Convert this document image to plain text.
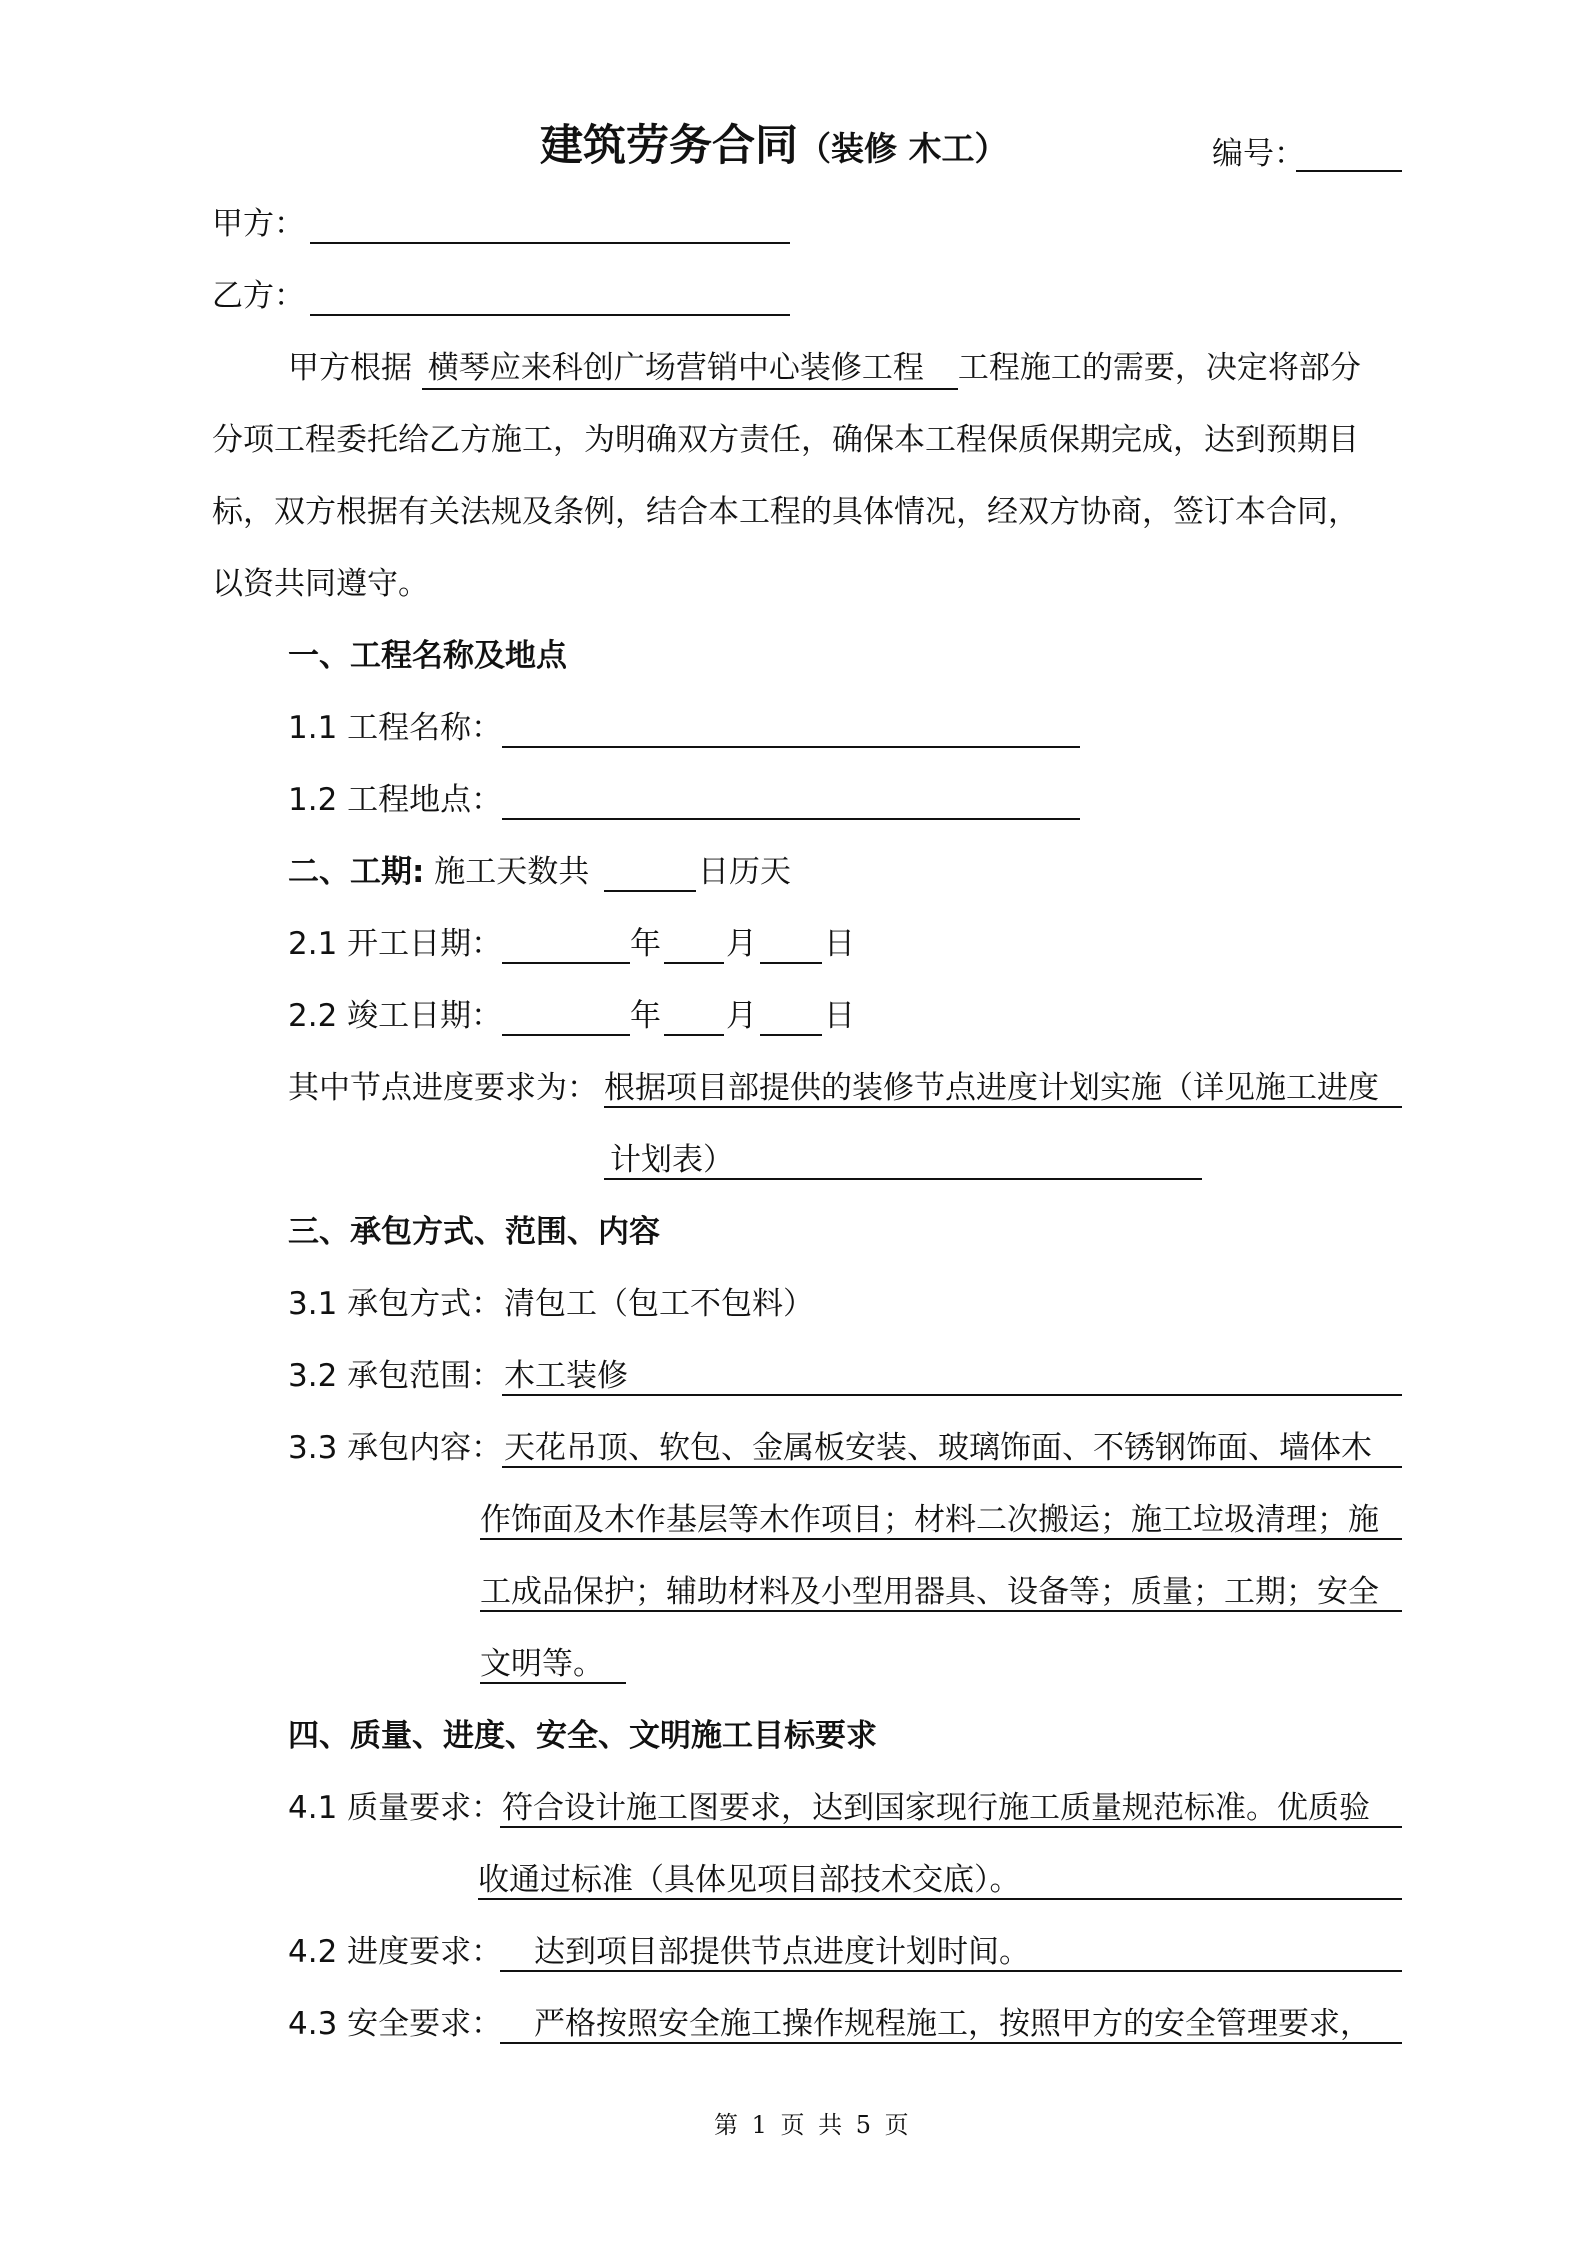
建筑劳务合同（装修 木工）	编号：
甲方：
乙方：
甲方根据 横琴应来科创广场营销中心装修工程 工程施工的需要，决定将部分
分项工程委托给乙方施工，为明确双方责任，确保本工程保质保期完成，达到预期目
标，双方根据有关法规及条例，结合本工程的具体情况，经双方协商，签订本合同，
以资共同遵守。
一、工程名称及地点
1.1 工程名称：
1.2 工程地点：
二、工期: 施工天数共	日历天
2.1 开工日期：	年 月 日
2.2 竣工日期：	年 月 日
其中节点进度要求为： 根据项目部提供的装修节点进度计划实施（详见施工进度
计划表）
三、承包方式、范围、内容
3.1 承包方式： 清包工（包工不包料）
3.2 承包范围： 木工装修
3.3 承包内容： 天花吊顶、软包、金属板安装、玻璃饰面、不锈钢饰面、墙体木
作饰面及木作基层等木作项目；材料二次搬运；施工垃圾清理；施
工成品保护；辅助材料及小型用器具、设备等；质量；工期；安全
文明等。
四、质量、进度、安全、文明施工目标要求
4.1 质量要求： 符合设计施工图要求，达到国家现行施工质量规范标准。优质验
收通过标准（具体见项目部技术交底）。
4.2 进度要求： 达到项目部提供节点进度计划时间。
4.3 安全要求： 严格按照安全施工操作规程施工，按照甲方的安全管理要求，
第 1 页 共 5 页
